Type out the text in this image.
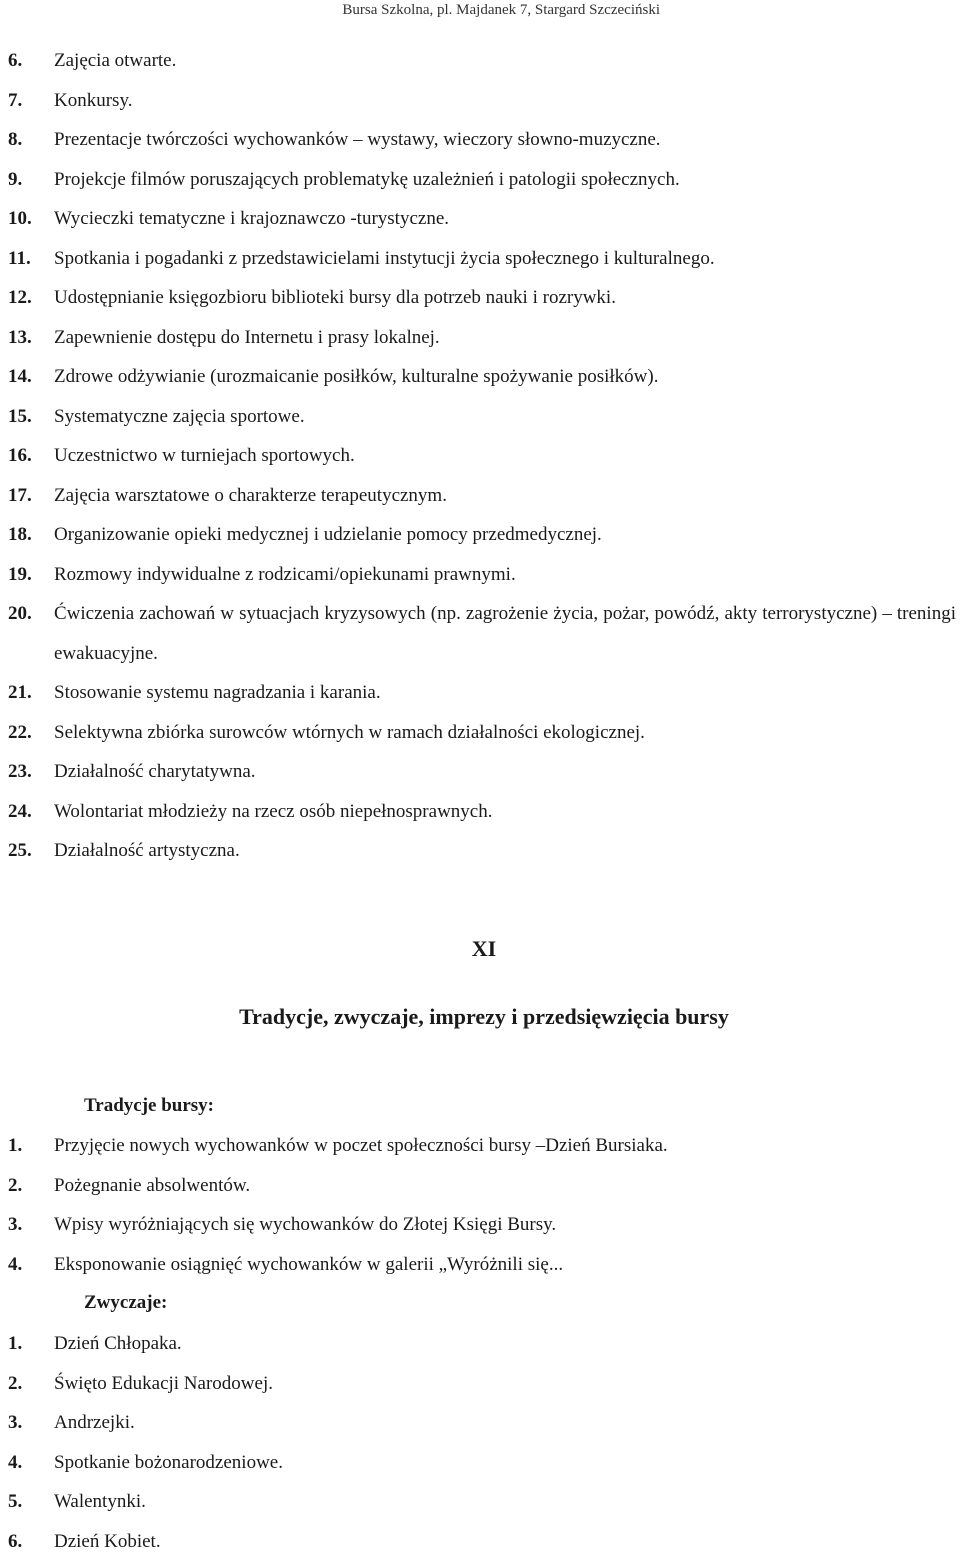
Bursa Szkolna, pl. Majdanek 7, Stargard Szczeciński
6. Zajęcia otwarte.
7. Konkursy.
8. Prezentacje twórczości wychowanków – wystawy, wieczory słowno-muzyczne.
9. Projekcje filmów poruszających problematykę uzależnień i patologii społecznych.
10. Wycieczki tematyczne i krajoznawczo -turystyczne.
11. Spotkania i pogadanki z przedstawicielami instytucji życia społecznego i kulturalnego.
12. Udostępnianie księgozbioru biblioteki bursy dla potrzeb nauki i rozrywki.
13. Zapewnienie dostępu do Internetu i prasy lokalnej.
14. Zdrowe odżywianie (urozmaicanie posiłków, kulturalne spożywanie posiłków).
15. Systematyczne zajęcia sportowe.
16. Uczestnictwo w turniejach sportowych.
17. Zajęcia warsztatowe o charakterze terapeutycznym.
18. Organizowanie opieki medycznej i udzielanie pomocy przedmedycznej.
19. Rozmowy indywidualne z rodzicami/opiekunami prawnymi.
20. Ćwiczenia zachowań w sytuacjach kryzysowych (np. zagrożenie życia, pożar, powódź, akty terrorystyczne) – treningi ewakuacyjne.
21. Stosowanie systemu nagradzania i karania.
22. Selektywna zbiórka surowców wtórnych w ramach działalności ekologicznej.
23. Działalność charytatywna.
24. Wolontariat młodzieży na rzecz osób niepełnosprawnych.
25. Działalność artystyczna.
XI
Tradycje, zwyczaje, imprezy i przedsięwzięcia bursy
Tradycje bursy:
1. Przyjęcie nowych wychowanków w poczet społeczności bursy –Dzień Bursiaka.
2. Pożegnanie absolwentów.
3. Wpisy wyróżniających się wychowanków do Złotej Księgi Bursy.
4. Eksponowanie osiągnięć wychowanków w galerii „Wyróżnili się...
Zwyczaje:
1. Dzień Chłopaka.
2. Święto Edukacji Narodowej.
3. Andrzejki.
4. Spotkanie bożonarodzeniowe.
5. Walentynki.
6. Dzień Kobiet.
